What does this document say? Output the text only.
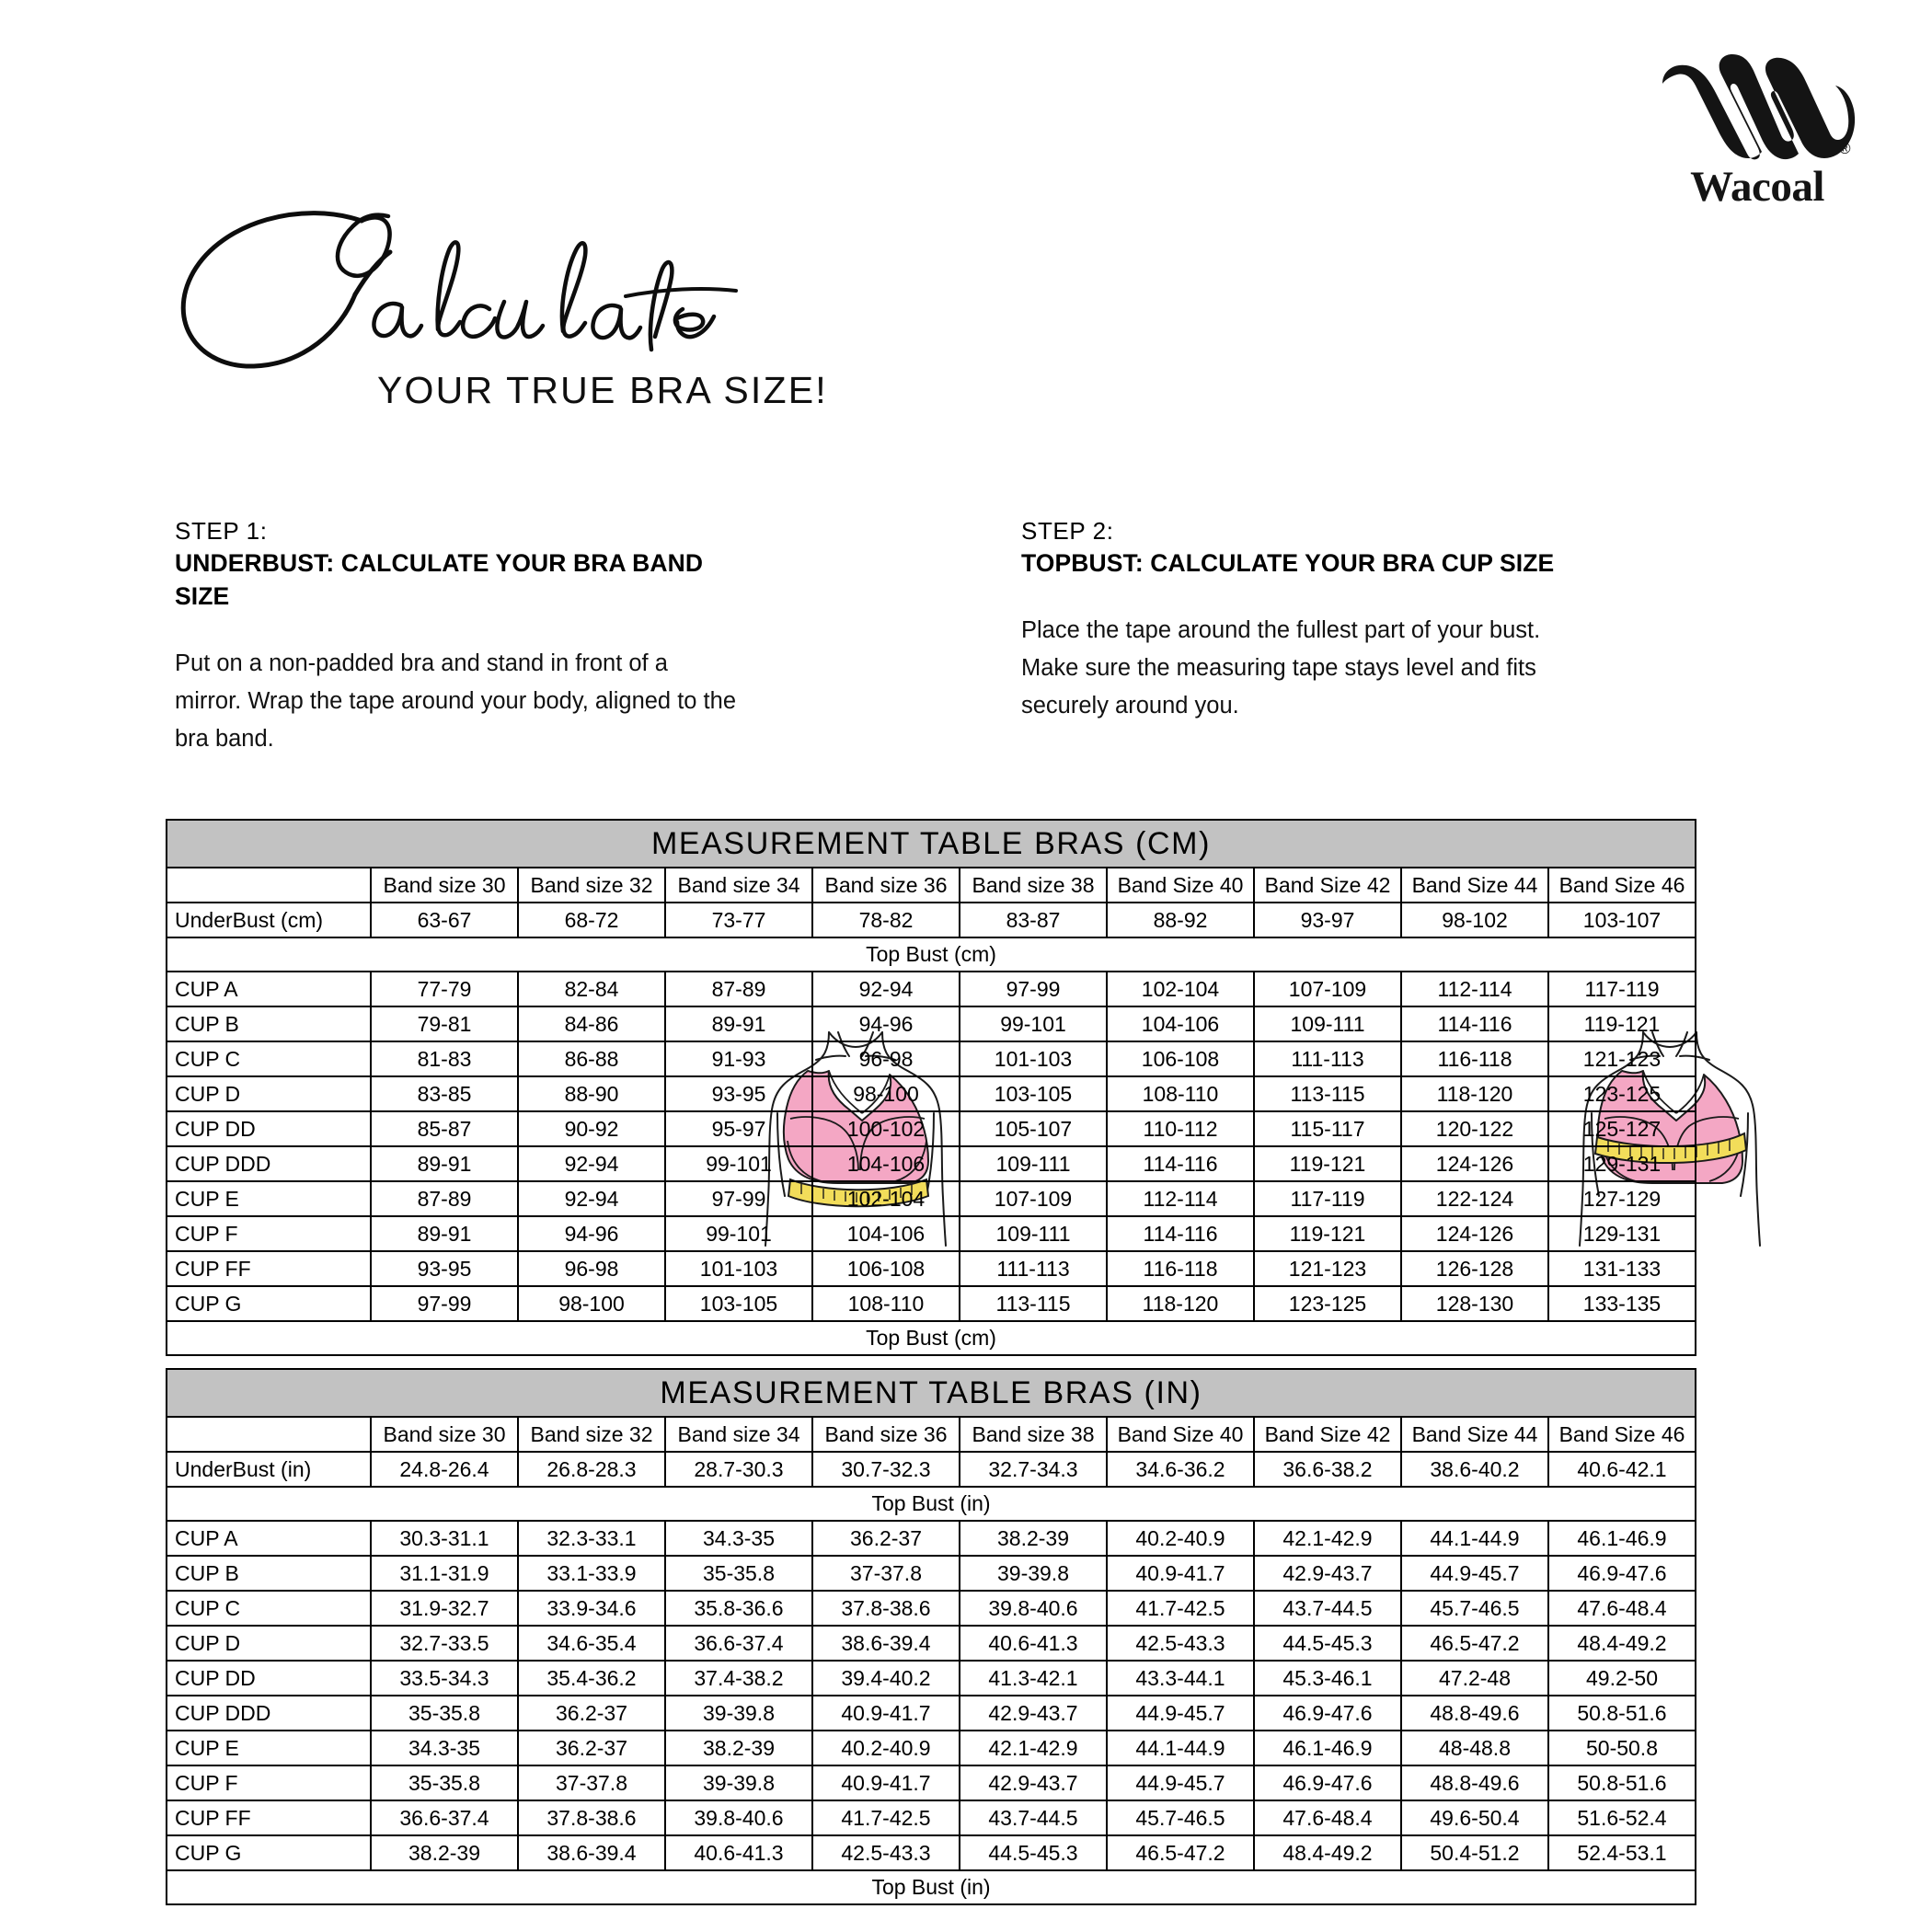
®
Wacoal
YOUR TRUE BRA SIZE!
STEP 1:
UNDERBUST: CALCULATE YOUR BRA BAND SIZE
Put on a non-padded bra and stand in front of a mirror. Wrap the tape around your body, aligned to the bra band.
STEP 2:
TOPBUST: CALCULATE YOUR BRA CUP SIZE
Place the tape around the fullest part of your bust. Make sure the measuring tape stays level and fits securely around you.
MEASUREMENT TABLE BRAS (CM)									
	Band size 30	Band size 32	Band size 34	Band size 36	Band size 38	Band Size 40	Band Size 42	Band Size 44	Band Size 46
UnderBust (cm)	63-67	68-72	73-77	78-82	83-87	88-92	93-97	98-102	103-107
Top Bust (cm)									
CUP A	77-79	82-84	87-89	92-94	97-99	102-104	107-109	112-114	117-119
CUP B	79-81	84-86	89-91	94-96	99-101	104-106	109-111	114-116	119-121
CUP C	81-83	86-88	91-93	96-98	101-103	106-108	111-113	116-118	121-123
CUP D	83-85	88-90	93-95	98-100	103-105	108-110	113-115	118-120	123-125
CUP DD	85-87	90-92	95-97	100-102	105-107	110-112	115-117	120-122	125-127
CUP DDD	89-91	92-94	99-101	104-106	109-111	114-116	119-121	124-126	129-131
CUP E	87-89	92-94	97-99	102-104	107-109	112-114	117-119	122-124	127-129
CUP F	89-91	94-96	99-101	104-106	109-111	114-116	119-121	124-126	129-131
CUP FF	93-95	96-98	101-103	106-108	111-113	116-118	121-123	126-128	131-133
CUP G	97-99	98-100	103-105	108-110	113-115	118-120	123-125	128-130	133-135
Top Bust (cm)									
MEASUREMENT TABLE BRAS (IN)									
	Band size 30	Band size 32	Band size 34	Band size 36	Band size 38	Band Size 40	Band Size 42	Band Size 44	Band Size 46
UnderBust (in)	24.8-26.4	26.8-28.3	28.7-30.3	30.7-32.3	32.7-34.3	34.6-36.2	36.6-38.2	38.6-40.2	40.6-42.1
Top Bust (in)									
CUP A	30.3-31.1	32.3-33.1	34.3-35	36.2-37	38.2-39	40.2-40.9	42.1-42.9	44.1-44.9	46.1-46.9
CUP B	31.1-31.9	33.1-33.9	35-35.8	37-37.8	39-39.8	40.9-41.7	42.9-43.7	44.9-45.7	46.9-47.6
CUP C	31.9-32.7	33.9-34.6	35.8-36.6	37.8-38.6	39.8-40.6	41.7-42.5	43.7-44.5	45.7-46.5	47.6-48.4
CUP D	32.7-33.5	34.6-35.4	36.6-37.4	38.6-39.4	40.6-41.3	42.5-43.3	44.5-45.3	46.5-47.2	48.4-49.2
CUP DD	33.5-34.3	35.4-36.2	37.4-38.2	39.4-40.2	41.3-42.1	43.3-44.1	45.3-46.1	47.2-48	49.2-50
CUP DDD	35-35.8	36.2-37	39-39.8	40.9-41.7	42.9-43.7	44.9-45.7	46.9-47.6	48.8-49.6	50.8-51.6
CUP E	34.3-35	36.2-37	38.2-39	40.2-40.9	42.1-42.9	44.1-44.9	46.1-46.9	48-48.8	50-50.8
CUP F	35-35.8	37-37.8	39-39.8	40.9-41.7	42.9-43.7	44.9-45.7	46.9-47.6	48.8-49.6	50.8-51.6
CUP FF	36.6-37.4	37.8-38.6	39.8-40.6	41.7-42.5	43.7-44.5	45.7-46.5	47.6-48.4	49.6-50.4	51.6-52.4
CUP G	38.2-39	38.6-39.4	40.6-41.3	42.5-43.3	44.5-45.3	46.5-47.2	48.4-49.2	50.4-51.2	52.4-53.1
Top Bust (in)									
